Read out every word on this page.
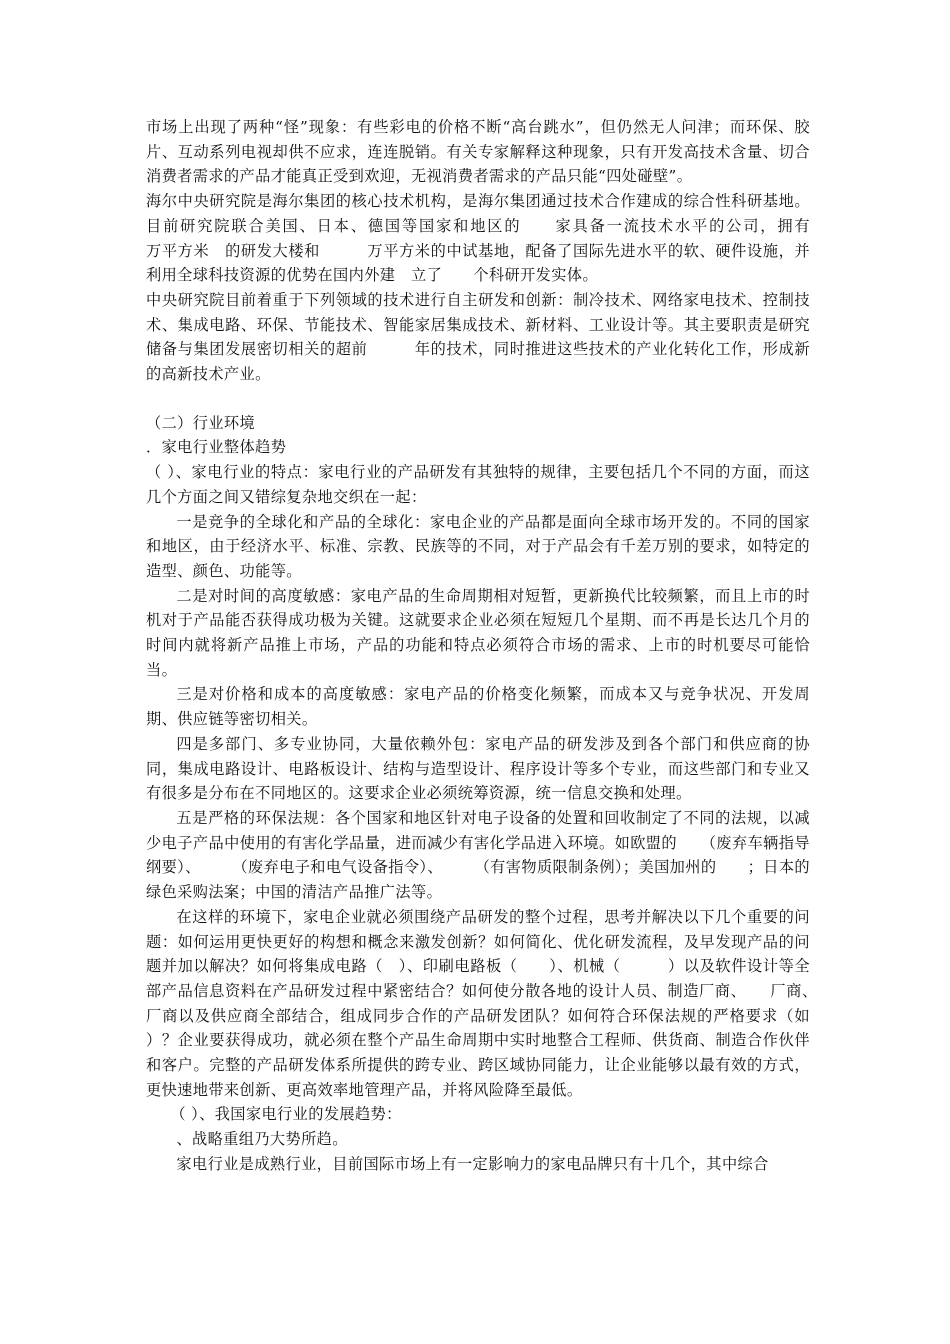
市场上出现了两种“怪”现象：有些彩电的价格不断“高台跳水”，但仍然无人问津；而环保、胶片、互动系列电视却供不应求，连连脱销。有关专家解释这种现象，只有开发高技术含量、切合消费者需求的产品才能真正受到欢迎，无视消费者需求的产品只能“四处碰壁”。

海尔中央研究院是海尔集团的核心技术机构，是海尔集团通过技术合作建成的综合性科研基地。目前研究院联合美国、日本、德国等国家和地区的　　家具备一流技术水平的公司，拥有　　　万平方米　的研发大楼和　　　万平方米的中试基地，配备了国际先进水平的软、硬件设施，并利用全球科技资源的优势在国内外建　立了　　个科研开发实体。

中央研究院目前着重于下列领域的技术进行自主研发和创新：制冷技术、网络家电技术、控制技术、集成电路、环保、节能技术、智能家居集成技术、新材料、工业设计等。其主要职责是研究储备与集团发展密切相关的超前　　　年的技术，同时推进这些技术的产业化转化工作，形成新的高新技术产业。

（二）行业环境

．家电行业整体趋势

（ ）、家电行业的特点：家电行业的产品研发有其独特的规律，主要包括几个不同的方面，而这几个方面之间又错综复杂地交织在一起：

一是竞争的全球化和产品的全球化：家电企业的产品都是面向全球市场开发的。不同的国家和地区，由于经济水平、标准、宗教、民族等的不同，对于产品会有千差万别的要求，如特定的造型、颜色、功能等。

二是对时间的高度敏感：家电产品的生命周期相对短暂，更新换代比较频繁，而且上市的时机对于产品能否获得成功极为关键。这就要求企业必须在短短几个星期、而不再是长达几个月的时间内就将新产品推上市场，产品的功能和特点必须符合市场的需求、上市的时机要尽可能恰当。

三是对价格和成本的高度敏感：家电产品的价格变化频繁，而成本又与竞争状况、开发周期、供应链等密切相关。

四是多部门、多专业协同，大量依赖外包：家电产品的研发涉及到各个部门和供应商的协同，集成电路设计、电路板设计、结构与造型设计、程序设计等多个专业，而这些部门和专业又有很多是分布在不同地区的。这要求企业必须统筹资源，统一信息交换和处理。

五是严格的环保法规：各个国家和地区针对电子设备的处置和回收制定了不同的法规，以减少电子产品中使用的有害化学品量，进而减少有害化学品进入环境。如欧盟的　　（废弃车辆指导纲要）、　　　（废弃电子和电气设备指令）、　　　（有害物质限制条例）；美国加州的　　；日本的绿色采购法案；中国的清洁产品推广法等。

在这样的环境下，家电企业就必须围绕产品研发的整个过程，思考并解决以下几个重要的问题：如何运用更快更好的构想和概念来激发创新？如何简化、优化研发流程，及早发现产品的问题并加以解决？如何将集成电路（　）、印刷电路板（　　）、机械（　　　）以及软件设计等全部产品信息资料在产品研发过程中紧密结合？如何使分散各地的设计人员、制造厂商、　　厂商、　　厂商以及供应商全部结合，组成同步合作的产品研发团队？如何符合环保法规的严格要求（如　　　　　）？企业要获得成功，就必须在整个产品生命周期中实时地整合工程师、供货商、制造合作伙伴和客户。完整的产品研发体系所提供的跨专业、跨区域协同能力，让企业能够以最有效的方式，更快速地带来创新、更高效率地管理产品，并将风险降至最低。

（ ）、我国家电行业的发展趋势：

、战略重组乃大势所趋。

家电行业是成熟行业，目前国际市场上有一定影响力的家电品牌只有十几个，其中综合
